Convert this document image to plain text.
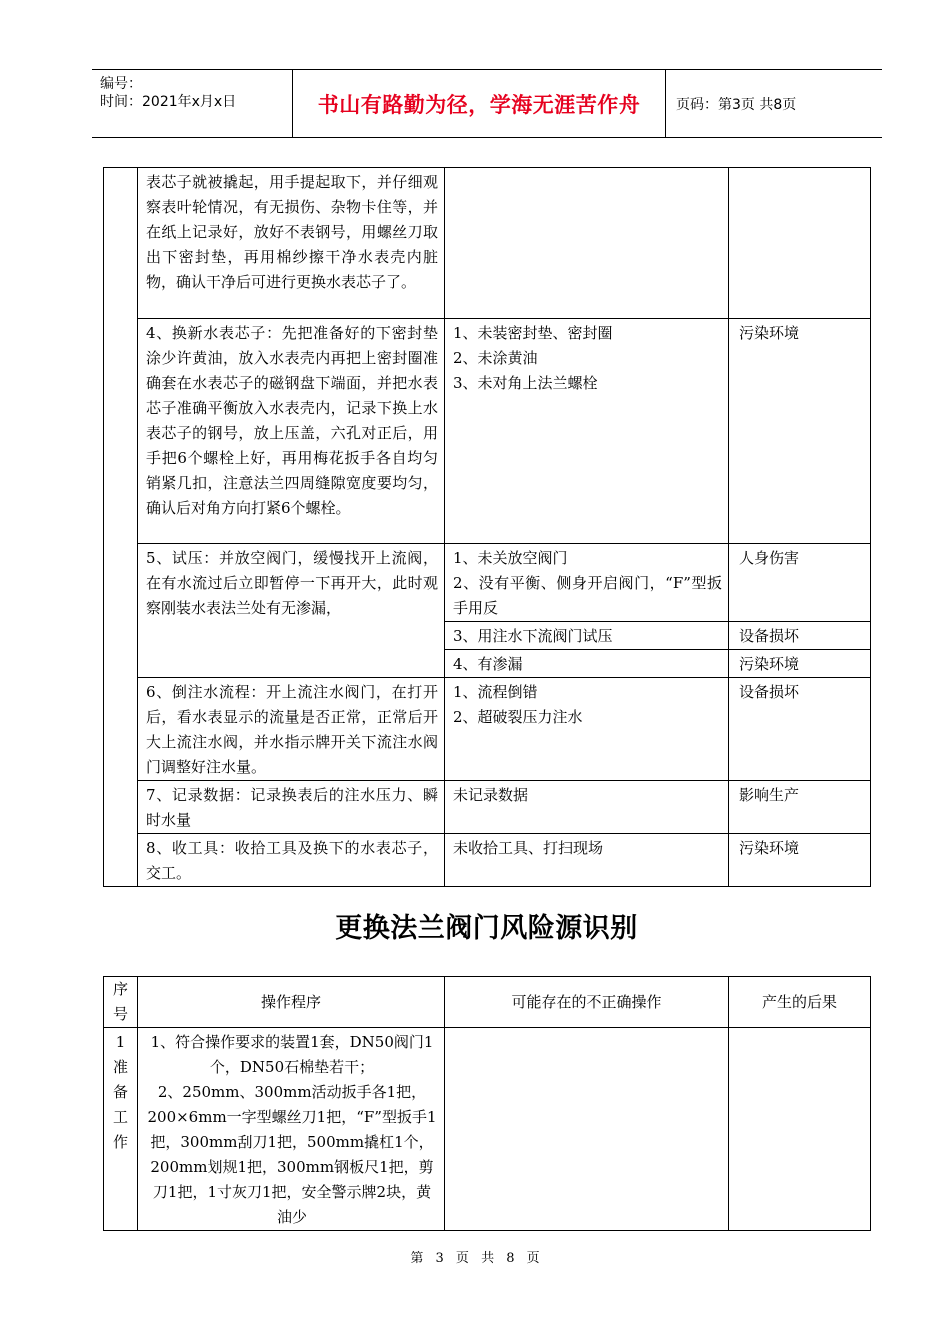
编号：
时间：2021年x月x日	书山有路勤为径，学海无涯苦作舟	页码：第3页 共8页
	表芯子就被撬起，用手提起取下，并仔细观察表叶轮情况，有无损伤、杂物卡住等，并在纸上记录好，放好不表钢号，用螺丝刀取出下密封垫，再用棉纱擦干净水表壳内脏物，确认干净后可进行更换水表芯子了。		
	4、换新水表芯子：先把准备好的下密封垫涂少许黄油，放入水表壳内再把上密封圈准确套在水表芯子的磁钢盘下端面，并把水表芯子准确平衡放入水表壳内，记录下换上水表芯子的钢号，放上压盖，六孔对正后，用手把6个螺栓上好，再用梅花扳手各自均匀销紧几扣，注意法兰四周缝隙宽度要均匀，确认后对角方向打紧6个螺栓。	1、未装密封垫、密封圈
2、未涂黄油
3、未对角上法兰螺栓	污染环境
	5、试压：并放空阀门，缓慢找开上流阀，在有水流过后立即暂停一下再开大，此时观察刚装水表法兰处有无渗漏，	1、未关放空阀门
2、没有平衡、侧身开启阀门，“F”型扳手用反	人身伤害
		3、用注水下流阀门试压	设备损坏
		4、有渗漏	污染环境
	6、倒注水流程：开上流注水阀门，在打开后，看水表显示的流量是否正常，正常后开大上流注水阀，并水指示牌开关下流注水阀门调整好注水量。	1、流程倒错
2、超破裂压力注水	设备损坏
	7、记录数据：记录换表后的注水压力、瞬时水量	未记录数据	影响生产
	8、收工具：收拾工具及换下的水表芯子，交工。	未收拾工具、打扫现场	污染环境
更换法兰阀门风险源识别
序号	操作程序	可能存在的不正确操作	产生的后果

1准备工作	1、符合操作要求的装置1套，DN50阀门1个，DN50石棉垫若干；
2、250mm、300mm活动扳手各1把，200×6mm一字型螺丝刀1把，“F”型扳手1把，300mm刮刀1把，500mm撬杠1个，200mm划规1把，300mm钢板尺1把，剪刀1把，1寸灰刀1把，安全警示牌2块，黄油少		
第 3 页 共 8 页
